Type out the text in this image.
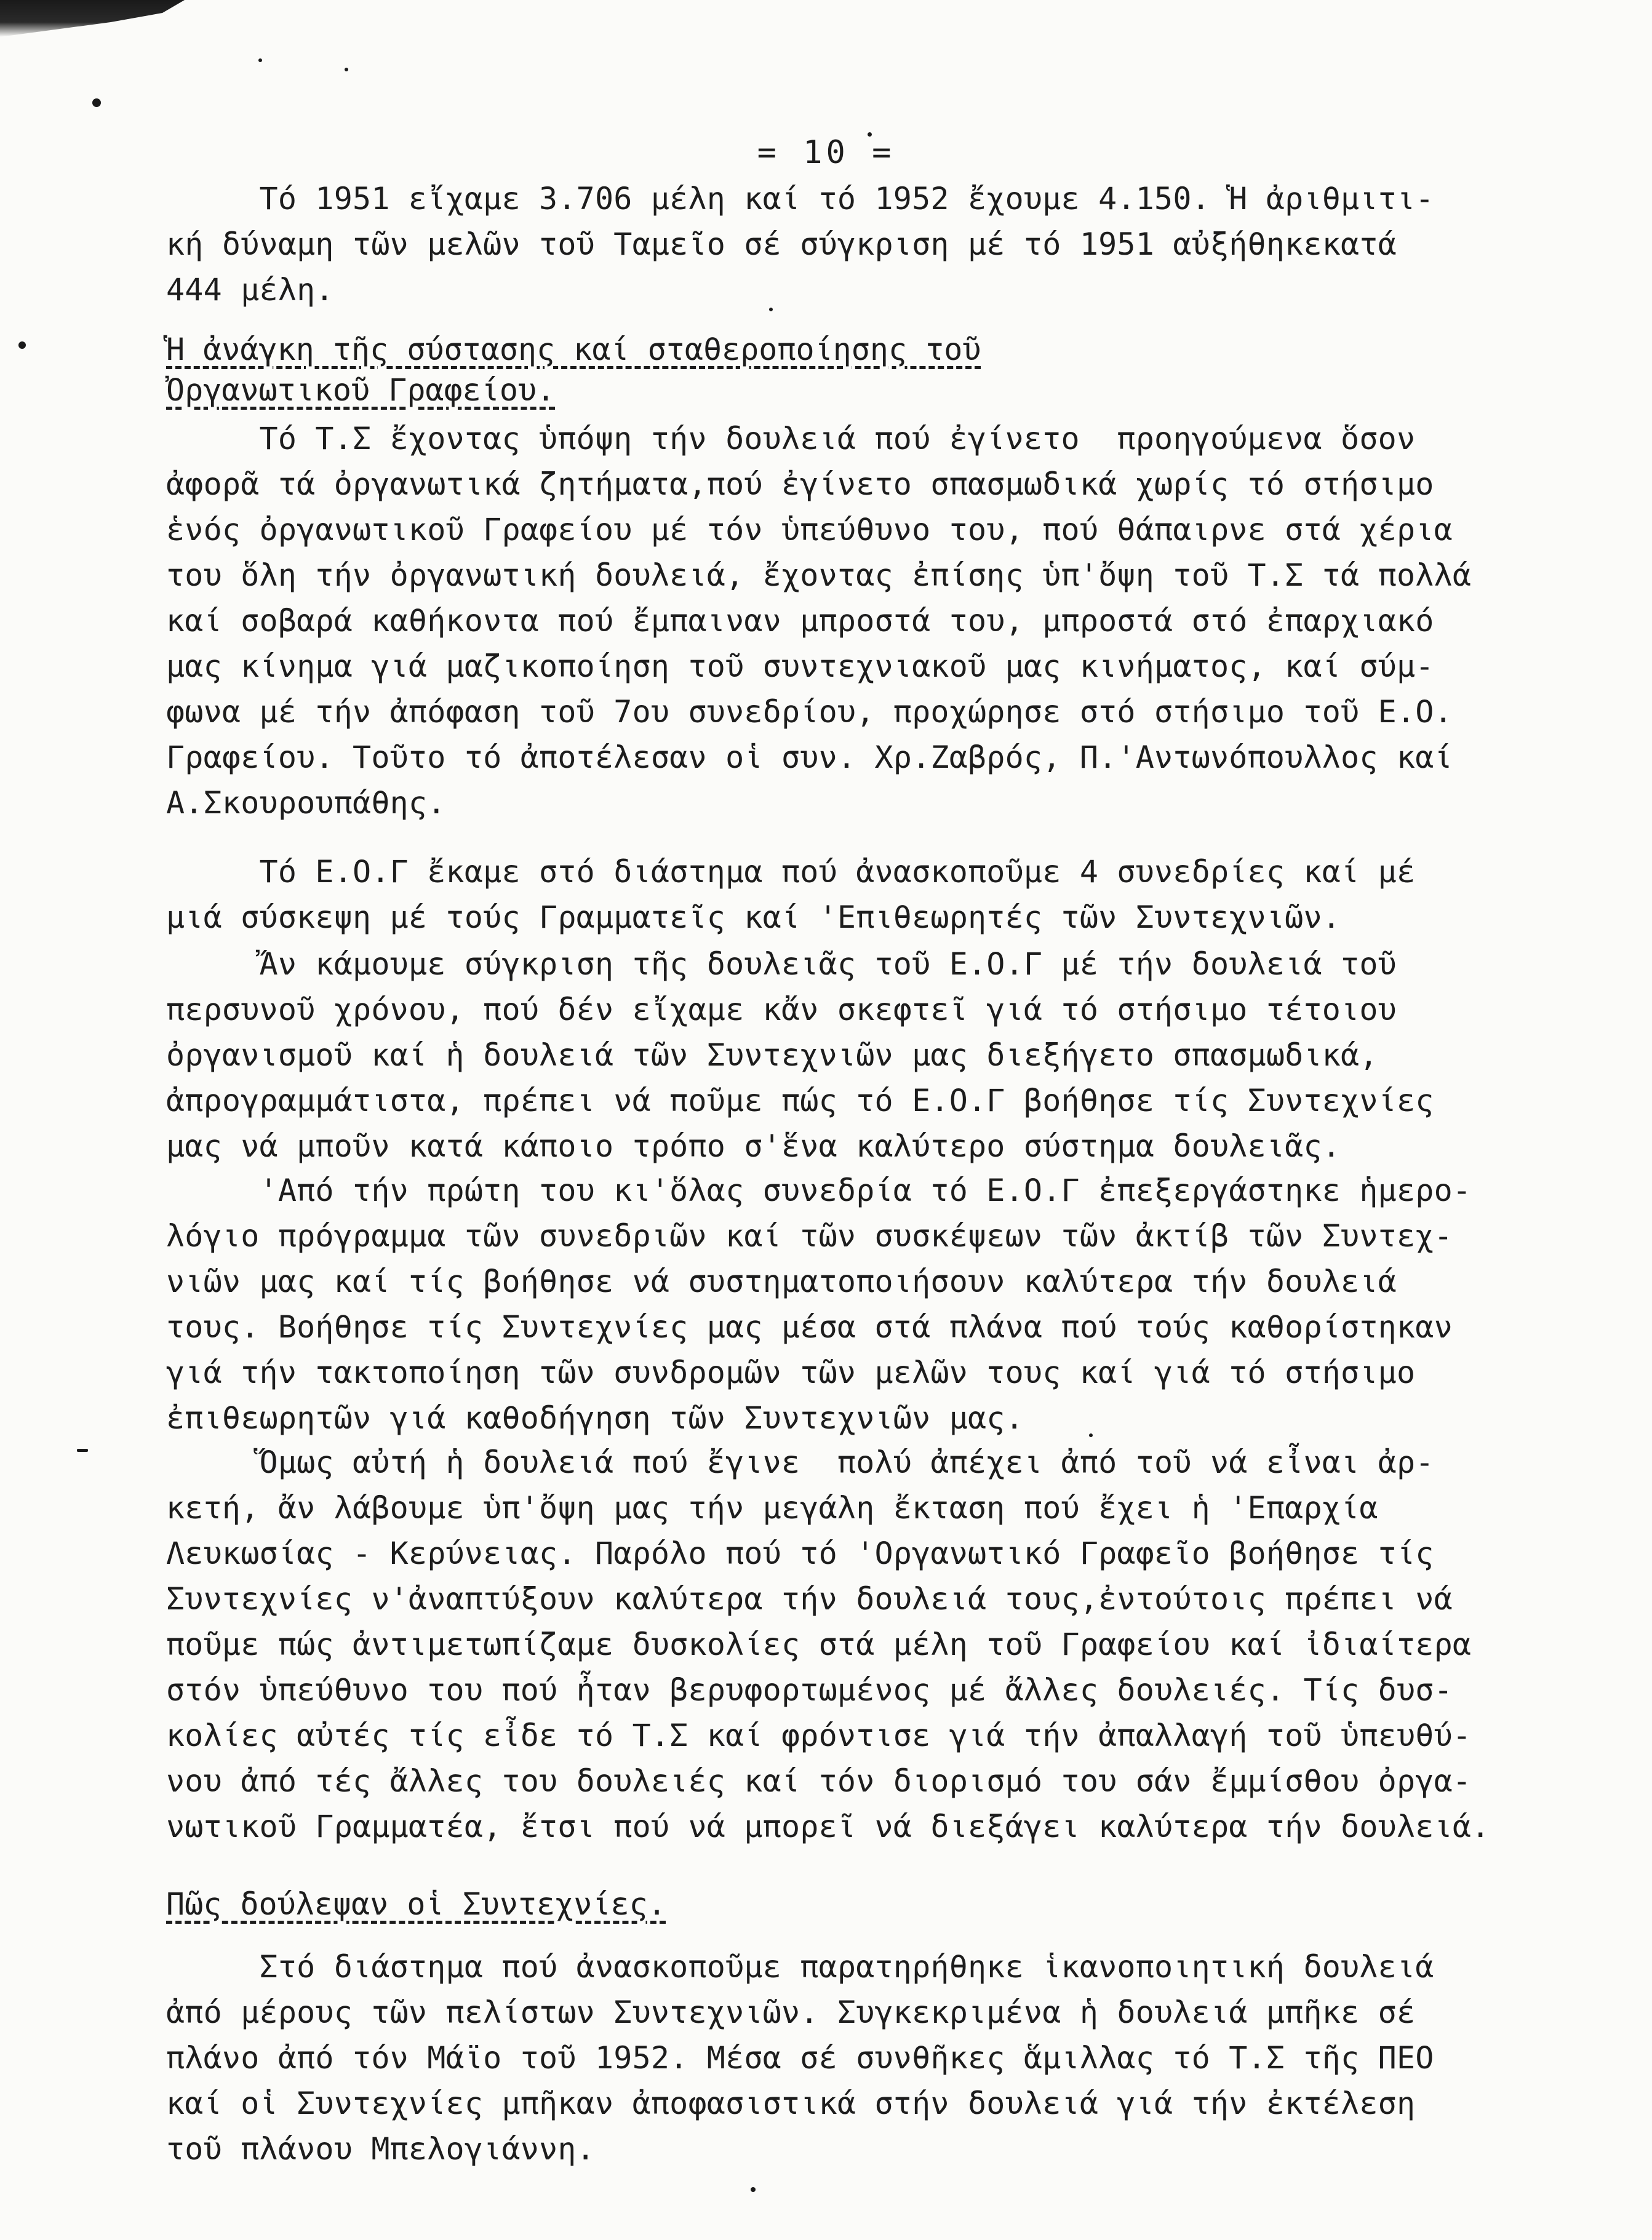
= 10 =
Τό 1951 εἴχαμε 3.706 μέλη καί τό 1952 ἔχουμε 4.150. Ἡ ἀριθμιτι-
κή δύναμη τῶν μελῶν τοῦ Ταμεῖο σέ σύγκριση μέ τό 1951 αὐξήθηκεκατά
444 μέλη.
Ἡ ἀνάγκη τῆς σύστασης καί σταθεροποίησης τοῦ
Ὀργανωτικοῦ Γραφείου.
Τό Τ.Σ ἔχοντας ὑπόψη τήν δουλειά πού ἐγίνετο  προηγούμενα ὅσον
ἀφορᾶ τά ὀργανωτικά ζητήματα,πού ἐγίνετο σπασμωδικά χωρίς τό στήσιμο
ἑνός ὀργανωτικοῦ Γραφείου μέ τόν ὑπεύθυνο του, πού θάπαιρνε στά χέρια
του ὅλη τήν ὀργανωτική δουλειά, ἔχοντας ἐπίσης ὑπ'ὄψη τοῦ Τ.Σ τά πολλά
καί σοβαρά καθήκοντα πού ἔμπαιναν μπροστά του, μπροστά στό ἐπαρχιακό
μας κίνημα γιά μαζικοποίηση τοῦ συντεχνιακοῦ μας κινήματος, καί σύμ-
φωνα μέ τήν ἀπόφαση τοῦ 7ου συνεδρίου, προχώρησε στό στήσιμο τοῦ Ε.Ο.
Γραφείου. Τοῦτο τό ἀποτέλεσαν οἱ συν. Χρ.Ζαβρός, Π.'Αντωνόπουλλος καί
Α.Σκουρουπάθης.
Τό Ε.Ο.Γ ἔκαμε στό διάστημα πού ἀνασκοποῦμε 4 συνεδρίες καί μέ
μιά σύσκεψη μέ τούς Γραμματεῖς καί 'Επιθεωρητές τῶν Συντεχνιῶν.
Ἄν κάμουμε σύγκριση τῆς δουλειᾶς τοῦ Ε.Ο.Γ μέ τήν δουλειά τοῦ
περσυνοῦ χρόνου, πού δέν εἴχαμε κἄν σκεφτεῖ γιά τό στήσιμο τέτοιου
ὀργανισμοῦ καί ἡ δουλειά τῶν Συντεχνιῶν μας διεξήγετο σπασμωδικά,
ἀπρογραμμάτιστα, πρέπει νά ποῦμε πώς τό Ε.Ο.Γ βοήθησε τίς Συντεχνίες
μας νά μποῦν κατά κάποιο τρόπο σ'ἕνα καλύτερο σύστημα δουλειᾶς.
'Από τήν πρώτη του κι'ὅλας συνεδρία τό Ε.Ο.Γ ἐπεξεργάστηκε ἡμερο-
λόγιο πρόγραμμα τῶν συνεδριῶν καί τῶν συσκέψεων τῶν ἀκτίβ τῶν Συντεχ-
νιῶν μας καί τίς βοήθησε νά συστηματοποιήσουν καλύτερα τήν δουλειά
τους. Βοήθησε τίς Συντεχνίες μας μέσα στά πλάνα πού τούς καθορίστηκαν
γιά τήν τακτοποίηση τῶν συνδρομῶν τῶν μελῶν τους καί γιά τό στήσιμο
ἐπιθεωρητῶν γιά καθοδήγηση τῶν Συντεχνιῶν μας.
Ὅμως αὐτή ἡ δουλειά πού ἔγινε  πολύ ἀπέχει ἀπό τοῦ νά εἶναι ἀρ-
κετή, ἄν λάβουμε ὑπ'ὄψη μας τήν μεγάλη ἔκταση πού ἔχει ἡ 'Επαρχία
Λευκωσίας - Κερύνειας. Παρόλο πού τό 'Οργανωτικό Γραφεῖο βοήθησε τίς
Συντεχνίες ν'ἀναπτύξουν καλύτερα τήν δουλειά τους,ἐντούτοις πρέπει νά
ποῦμε πώς ἀντιμετωπίζαμε δυσκολίες στά μέλη τοῦ Γραφείου καί ἰδιαίτερα
στόν ὑπεύθυνο του πού ἦταν βερυφορτωμένος μέ ἄλλες δουλειές. Τίς δυσ-
κολίες αὐτές τίς εἶδε τό Τ.Σ καί φρόντισε γιά τήν ἀπαλλαγή τοῦ ὑπευθύ-
νου ἀπό τές ἄλλες του δουλειές καί τόν διορισμό του σάν ἔμμίσθου ὀργα-
νωτικοῦ Γραμματέα, ἔτσι πού νά μπορεῖ νά διεξάγει καλύτερα τήν δουλειά.
Πῶς δούλεψαν οἱ Συντεχνίες.
Στό διάστημα πού ἀνασκοποῦμε παρατηρήθηκε ἱκανοποιητική δουλειά
ἀπό μέρους τῶν πελίστων Συντεχνιῶν. Συγκεκριμένα ἡ δουλειά μπῆκε σέ
πλάνο ἀπό τόν Μάϊο τοῦ 1952. Μέσα σέ συνθῆκες ἅμιλλας τό Τ.Σ τῆς ΠΕΟ
καί οἱ Συντεχνίες μπῆκαν ἀποφασιστικά στήν δουλειά γιά τήν ἐκτέλεση
τοῦ πλάνου Μπελογιάννη.
